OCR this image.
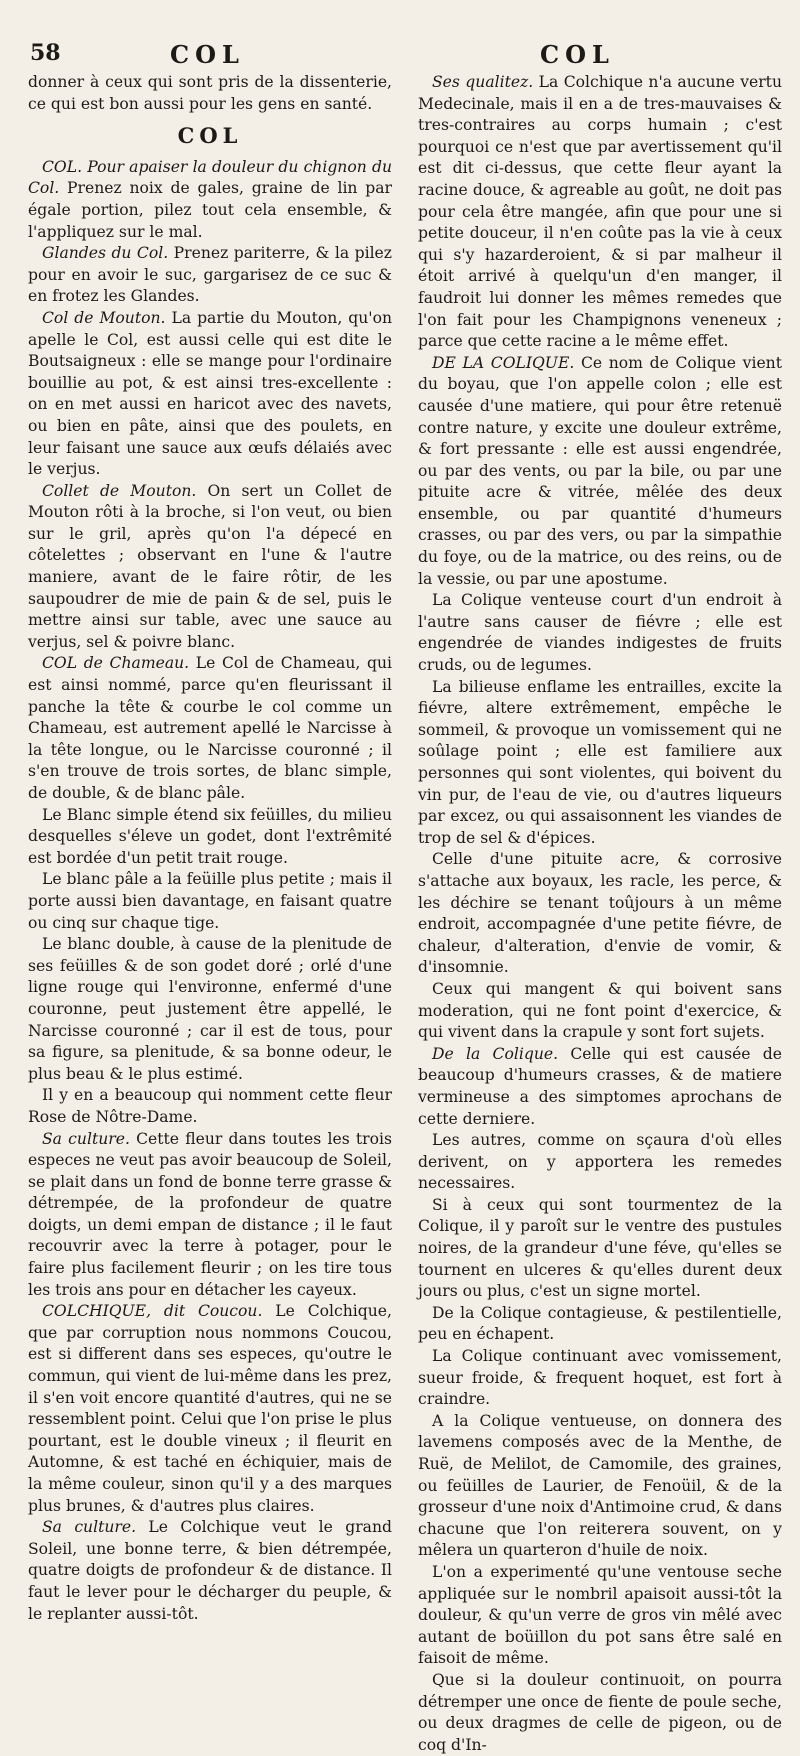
58	COL	COL

donner à ceux qui sont pris de la dissenterie, ce qui est bon aussi pour les gens en santé.

COL

COL. Pour apaiser la douleur du chignon du Col. Prenez noix de gales, graine de lin par égale portion, pilez tout cela ensemble, & l'appliquez sur le mal.

Glandes du Col. Prenez pariterre, & la pilez pour en avoir le suc, gargarisez de ce suc & en frotez les Glandes.

Col de Mouton. La partie du Mouton, qu'on apelle le Col, est aussi celle qui est dite le Boutsaigneux : elle se mange pour l'ordinaire bouillie au pot, & est ainsi tres-excellente : on en met aussi en haricot avec des navets, ou bien en pâte, ainsi que des poulets, en leur faisant une sauce aux œufs délaiés avec le verjus.

Collet de Mouton. On sert un Collet de Mouton rôti à la broche, si l'on veut, ou bien sur le gril, après qu'on l'a dépecé en côtelettes ; observant en l'une & l'autre maniere, avant de le faire rôtir, de les saupoudrer de mie de pain & de sel, puis le mettre ainsi sur table, avec une sauce au verjus, sel & poivre blanc.

COL de Chameau. Le Col de Chameau, qui est ainsi nommé, parce qu'en fleurissant il panche la tête & courbe le col comme un Chameau, est autrement apellé le Narcisse à la tête longue, ou le Narcisse couronné ; il s'en trouve de trois sortes, de blanc simple, de double, & de blanc pâle.

Le Blanc simple étend six feüilles, du milieu desquelles s'éleve un godet, dont l'extrêmité est bordée d'un petit trait rouge.

Le blanc pâle a la feüille plus petite ; mais il porte aussi bien davantage, en faisant quatre ou cinq sur chaque tige.

Le blanc double, à cause de la plenitude de ses feüilles & de son godet doré ; orlé d'une ligne rouge qui l'environne, enfermé d'une couronne, peut justement être appellé, le Narcisse couronné ; car il est de tous, pour sa figure, sa plenitude, & sa bonne odeur, le plus beau & le plus estimé.

Il y en a beaucoup qui nomment cette fleur Rose de Nôtre-Dame.

Sa culture. Cette fleur dans toutes les trois especes ne veut pas avoir beaucoup de Soleil, se plait dans un fond de bonne terre grasse & détrempée, de la profondeur de quatre doigts, un demi empan de distance ; il le faut recouvrir avec la terre à potager, pour le faire plus facilement fleurir ; on les tire tous les trois ans pour en détacher les cayeux.

COLCHIQUE, dit Coucou. Le Colchique, que par corruption nous nommons Coucou, est si different dans ses especes, qu'outre le commun, qui vient de lui-même dans les prez, il s'en voit encore quantité d'autres, qui ne se ressemblent point. Celui que l'on prise le plus pourtant, est le double vineux ; il fleurit en Automne, & est taché en échiquier, mais de la même couleur, sinon qu'il y a des marques plus brunes, & d'autres plus claires.

Sa culture. Le Colchique veut le grand Soleil, une bonne terre, & bien détrempée, quatre doigts de profondeur & de distance. Il faut le lever pour le décharger du peuple, & le replanter aussi-tôt.

Ses qualitez. La Colchique n'a aucune vertu Medecinale, mais il en a de tres-mauvaises & tres-contraires au corps humain ; c'est pourquoi ce n'est que par avertissement qu'il est dit ci-dessus, que cette fleur ayant la racine douce, & agreable au goût, ne doit pas pour cela être mangée, afin que pour une si petite douceur, il n'en coûte pas la vie à ceux qui s'y hazarderoient, & si par malheur il étoit arrivé à quelqu'un d'en manger, il faudroit lui donner les mêmes remedes que l'on fait pour les Champignons veneneux ; parce que cette racine a le même effet.

DE LA COLIQUE. Ce nom de Colique vient du boyau, que l'on appelle colon ; elle est causée d'une matiere, qui pour être retenuë contre nature, y excite une douleur extrême, & fort pressante : elle est aussi engendrée, ou par des vents, ou par la bile, ou par une pituite acre & vitrée, mêlée des deux ensemble, ou par quantité d'humeurs crasses, ou par des vers, ou par la simpathie du foye, ou de la matrice, ou des reins, ou de la vessie, ou par une apostume.

La Colique venteuse court d'un endroit à l'autre sans causer de fiévre ; elle est engendrée de viandes indigestes de fruits cruds, ou de legumes.

La bilieuse enflame les entrailles, excite la fiévre, altere extrêmement, empêche le sommeil, & provoque un vomissement qui ne soûlage point ; elle est familiere aux personnes qui sont violentes, qui boivent du vin pur, de l'eau de vie, ou d'autres liqueurs par excez, ou qui assaisonnent les viandes de trop de sel & d'épices.

Celle d'une pituite acre, & corrosive s'attache aux boyaux, les racle, les perce, & les déchire se tenant toûjours à un même endroit, accompagnée d'une petite fiévre, de chaleur, d'alteration, d'envie de vomir, & d'insomnie.

Ceux qui mangent & qui boivent sans moderation, qui ne font point d'exercice, & qui vivent dans la crapule y sont fort sujets.

De la Colique. Celle qui est causée de beaucoup d'humeurs crasses, & de matiere vermineuse a des simptomes aprochans de cette derniere.

Les autres, comme on sçaura d'où elles derivent, on y apportera les remedes necessaires.

Si à ceux qui sont tourmentez de la Colique, il y paroît sur le ventre des pustules noires, de la grandeur d'une féve, qu'elles se tournent en ulceres & qu'elles durent deux jours ou plus, c'est un signe mortel.

De la Colique contagieuse, & pestilentielle, peu en échapent.

La Colique continuant avec vomissement, sueur froide, & frequent hoquet, est fort à craindre.

A la Colique ventueuse, on donnera des lavemens composés avec de la Menthe, de Ruë, de Melilot, de Camomile, des graines, ou feüilles de Laurier, de Fenoüil, & de la grosseur d'une noix d'Antimoine crud, & dans chacune que l'on reiterera souvent, on y mêlera un quarteron d'huile de noix.

L'on a experimenté qu'une ventouse seche appliquée sur le nombril apaisoit aussi-tôt la douleur, & qu'un verre de gros vin mêlé avec autant de boüillon du pot sans être salé en faisoit de même.

Que si la douleur continuoit, on pourra détremper une once de fiente de poule seche, ou deux dragmes de celle de pigeon, ou de coq d'In-
